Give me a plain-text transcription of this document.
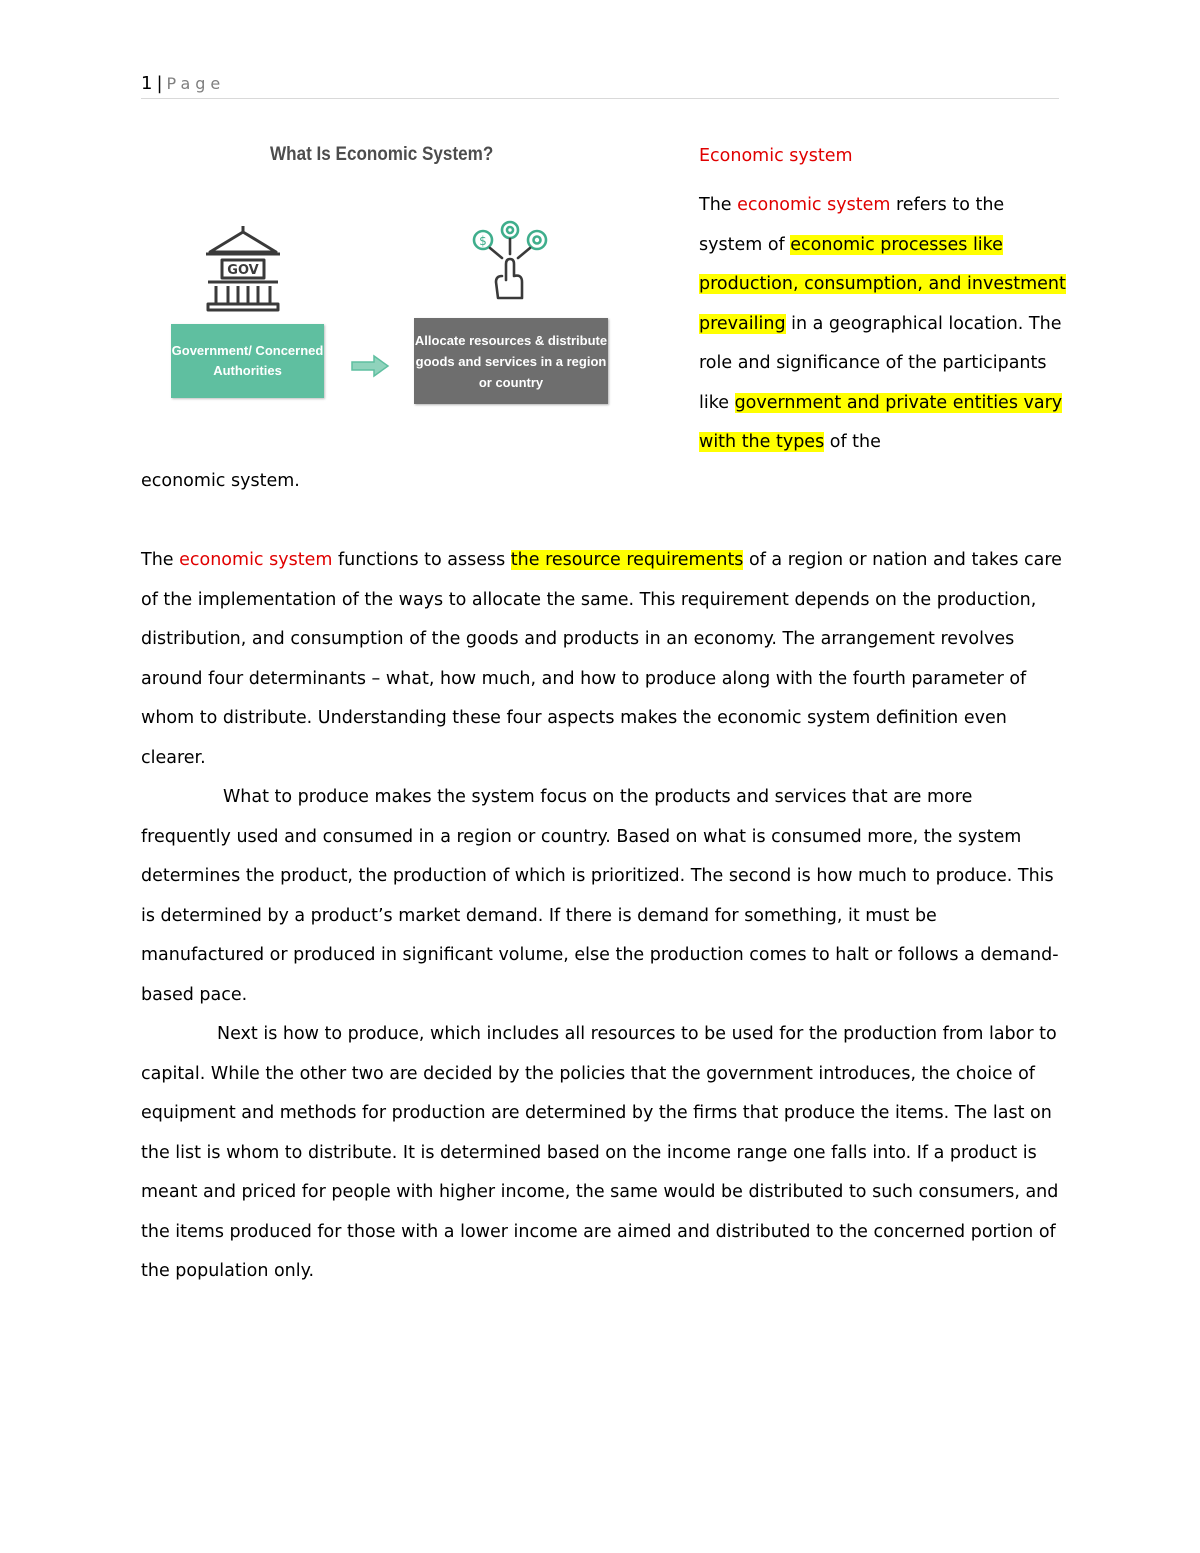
1 | Page
What Is Economic System?
GOV
$
Government/ Concerned Authorities
Allocate resources & distribute goods and services in a region or country
Economic system
The economic system refers to the system of economic processes like production, consumption, and investment prevailing in a geographical location. The role and significance of the participants like government and private entities vary with the types of the
economic system.

The economic system functions to assess the resource requirements of a region or nation and takes care of the implementation of the ways to allocate the same. This requirement depends on the production, distribution, and consumption of the goods and products in an economy. The arrangement revolves around four determinants – what, how much, and how to produce along with the fourth parameter of whom to distribute. Understanding these four aspects makes the economic system definition even clearer.

What to produce makes the system focus on the products and services that are more frequently used and consumed in a region or country. Based on what is consumed more, the system determines the product, the production of which is prioritized. The second is how much to produce. This is determined by a product’s market demand. If there is demand for something, it must be manufactured or produced in significant volume, else the production comes to halt or follows a demand-based pace.

Next is how to produce, which includes all resources to be used for the production from labor to capital. While the other two are decided by the policies that the government introduces, the choice of equipment and methods for production are determined by the firms that produce the items. The last on the list is whom to distribute. It is determined based on the income range one falls into. If a product is meant and priced for people with higher income, the same would be distributed to such consumers, and the items produced for those with a lower income are aimed and distributed to the concerned portion of the population only.
